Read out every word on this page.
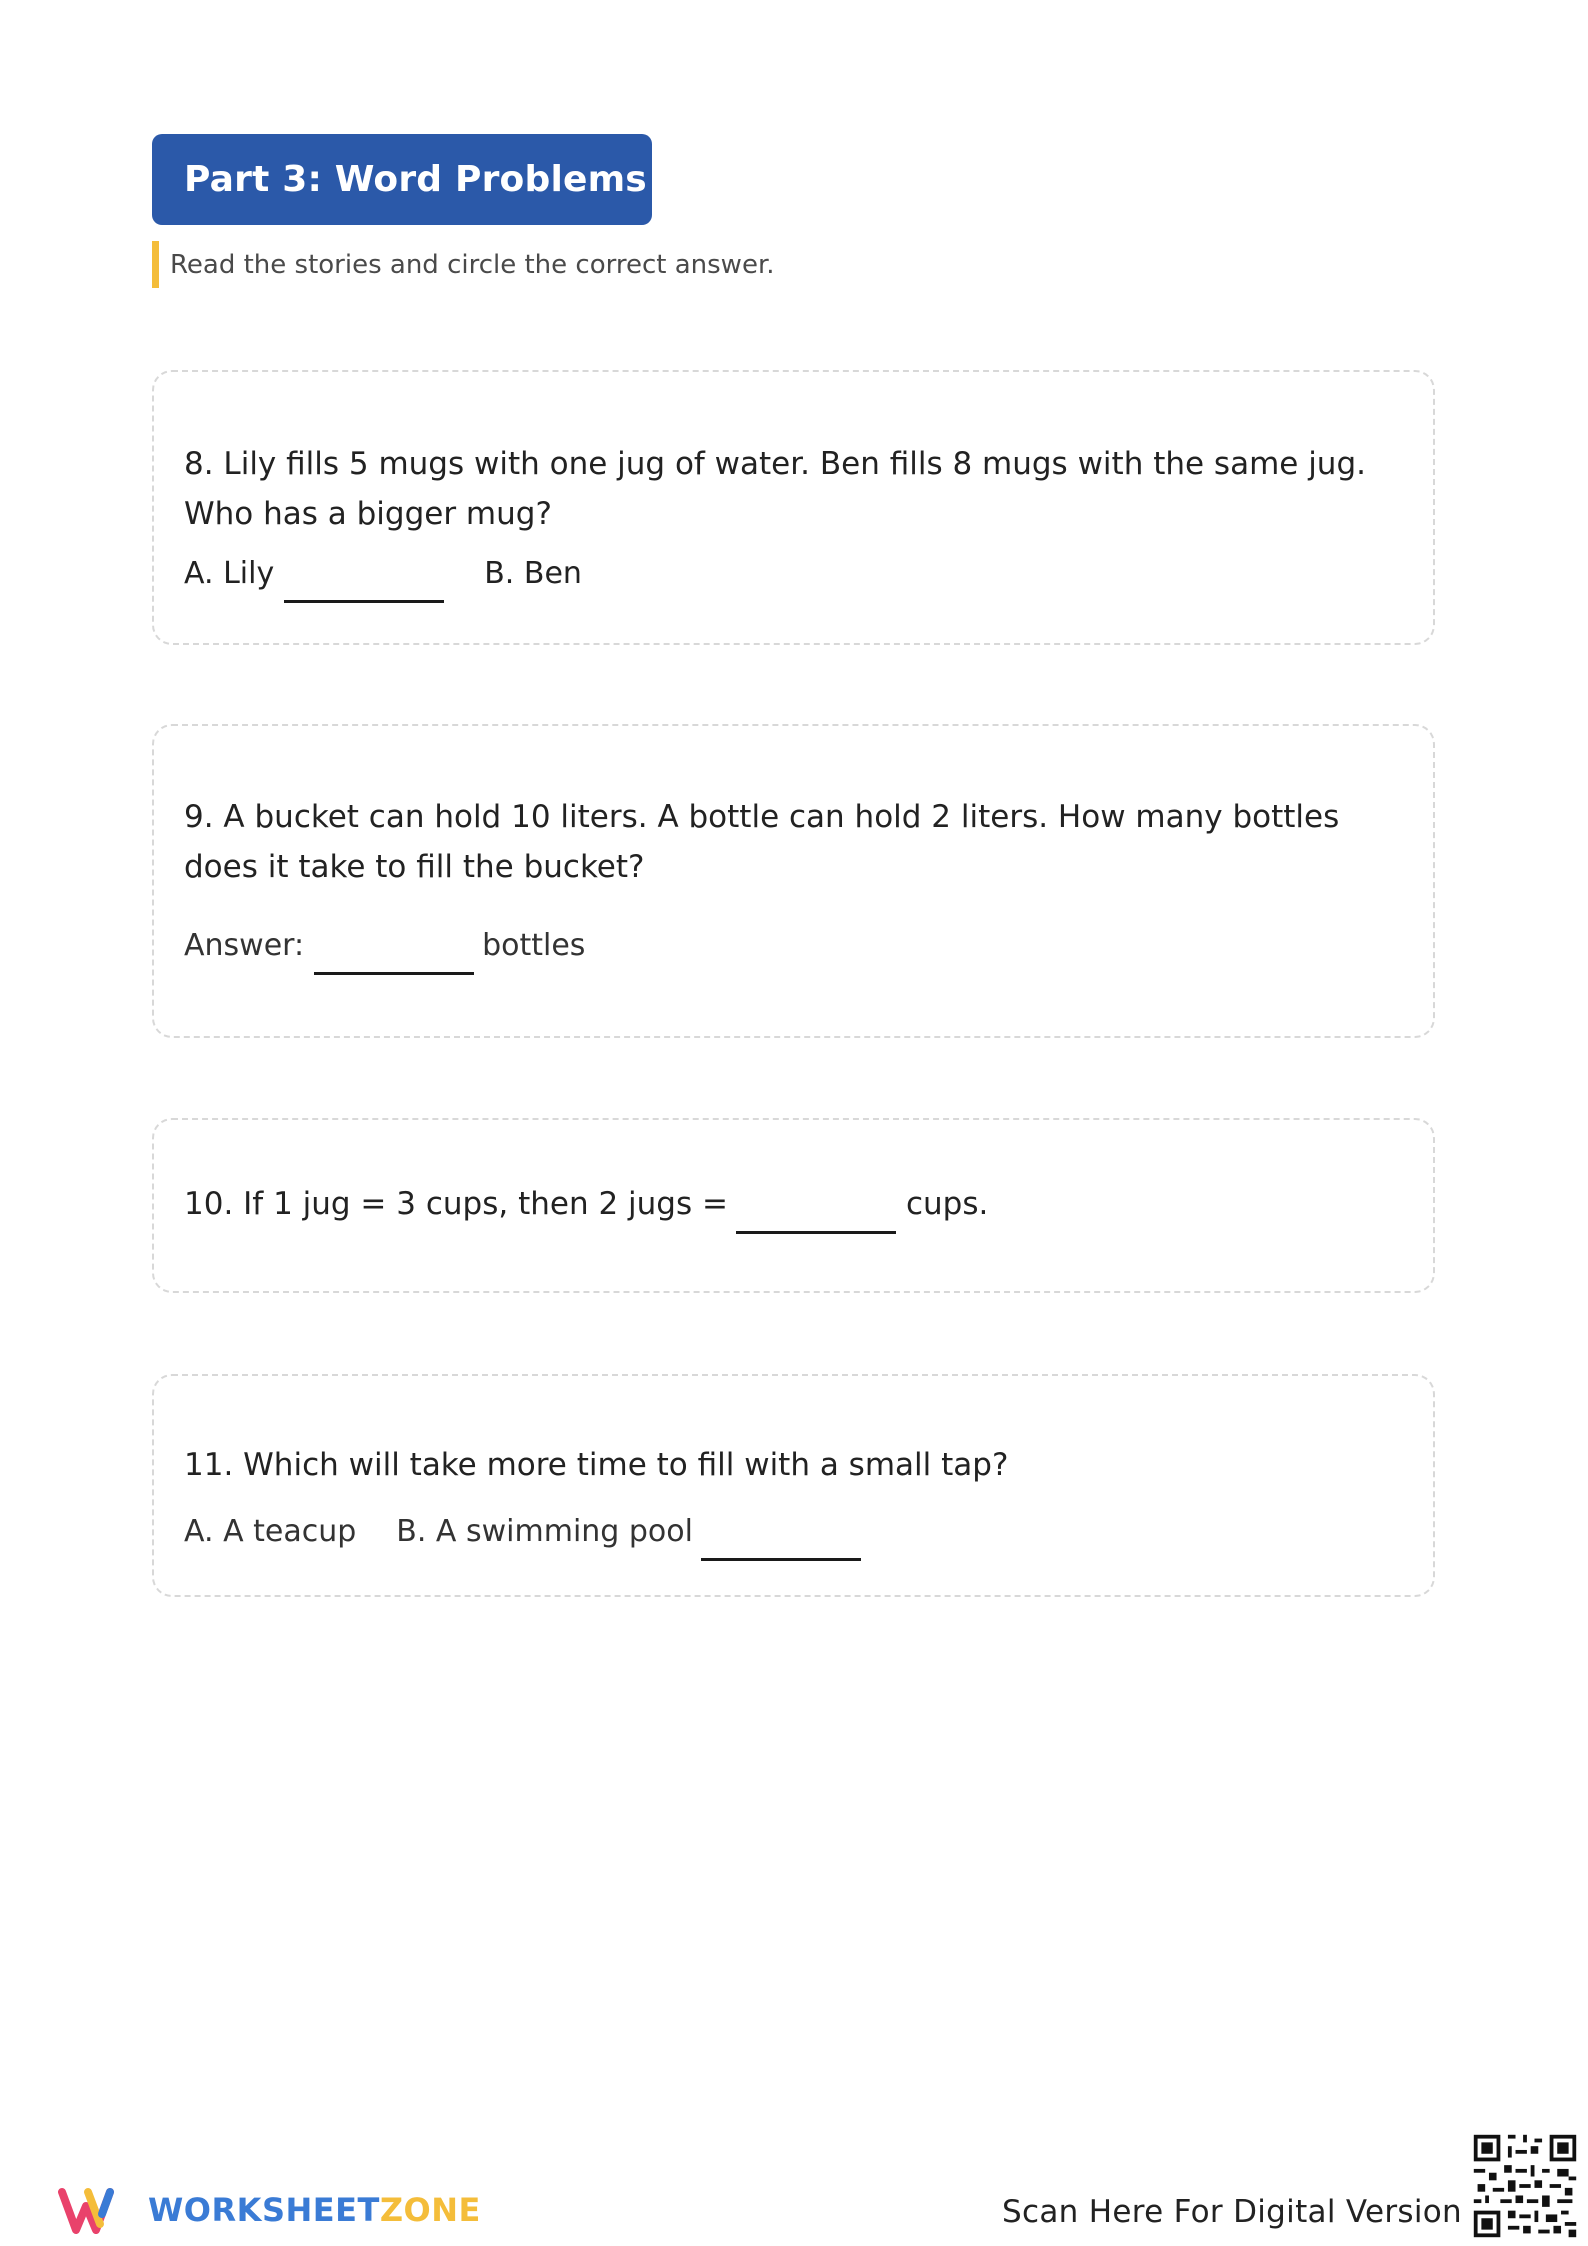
Part 3: Word Problems
Read the stories and circle the correct answer.
8. Lily fills 5 mugs with one jug of water. Ben fills 8 mugs with the same jug. Who has a bigger mug?
A. Lily	B. Ben
9. A bucket can hold 10 liters. A bottle can hold 2 liters. How many bottles does it take to fill the bucket?
Answer:	bottles
10. If 1 jug = 3 cups, then 2 jugs =	cups.
11. Which will take more time to fill with a small tap?
A. A teacup B. A swimming pool
WORKSHEETZONE	Scan Here For Digital Version
